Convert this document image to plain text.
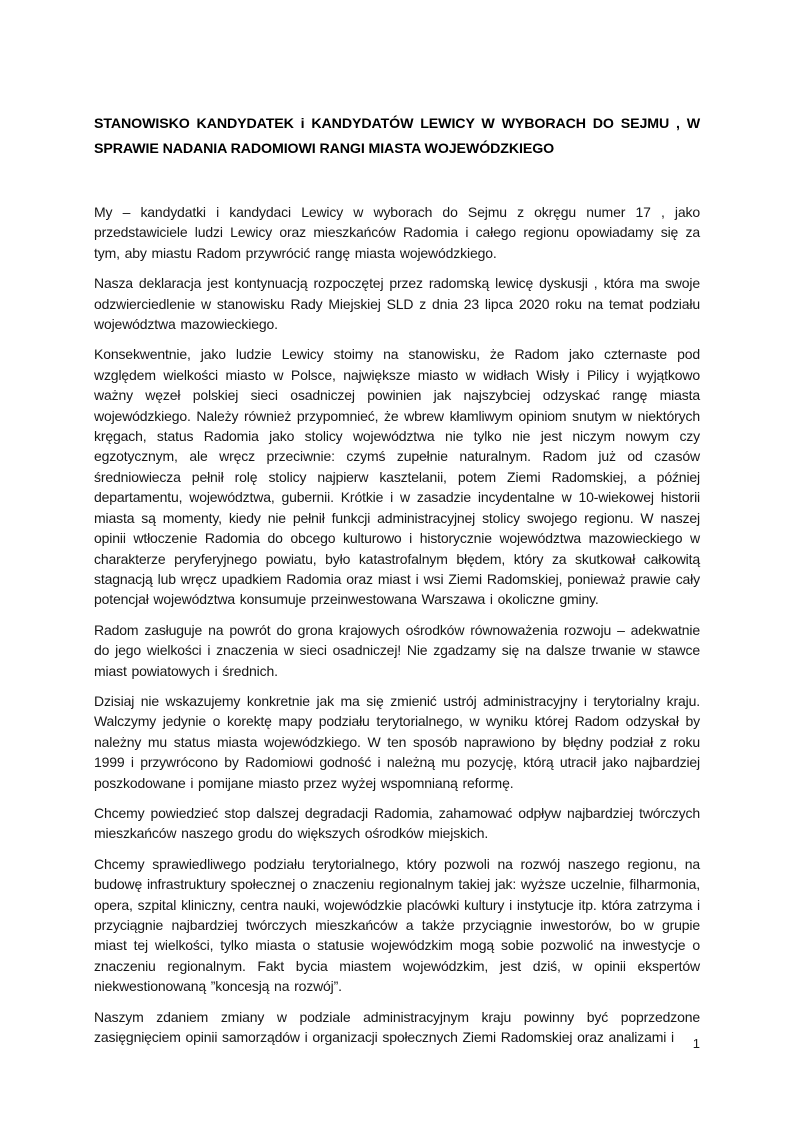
STANOWISKO KANDYDATEK i KANDYDATÓW LEWICY W WYBORACH DO SEJMU , W SPRAWIE NADANIA RADOMIOWI RANGI MIASTA WOJEWÓDZKIEGO

My – kandydatki i kandydaci Lewicy w wyborach do Sejmu z okręgu numer 17 , jako przedstawiciele ludzi Lewicy oraz mieszkańców Radomia i całego regionu opowiadamy się za tym, aby miastu Radom przywrócić rangę miasta wojewódzkiego.

Nasza deklaracja jest kontynuacją rozpoczętej przez radomską lewicę dyskusji , która ma swoje odzwierciedlenie w stanowisku Rady Miejskiej SLD z dnia 23 lipca 2020 roku na temat podziału województwa mazowieckiego.

Konsekwentnie, jako ludzie Lewicy stoimy na stanowisku, że Radom jako czternaste pod względem wielkości miasto w Polsce, największe miasto w widłach Wisły i Pilicy i wyjątkowo ważny węzeł polskiej sieci osadniczej powinien jak najszybciej odzyskać rangę miasta wojewódzkiego. Należy również przypomnieć, że wbrew kłamliwym opiniom snutym w niektórych kręgach, status Radomia jako stolicy województwa nie tylko nie jest niczym nowym czy egzotycznym, ale wręcz przeciwnie: czymś zupełnie naturalnym. Radom już od czasów średniowiecza pełnił rolę stolicy najpierw kasztelanii, potem Ziemi Radomskiej, a później departamentu, województwa, gubernii. Krótkie i w zasadzie incydentalne w 10-wiekowej historii miasta są momenty, kiedy nie pełnił funkcji administracyjnej stolicy swojego regionu. W naszej opinii wtłoczenie Radomia do obcego kulturowo i historycznie województwa mazowieckiego w charakterze peryferyjnego powiatu, było katastrofalnym błędem, który za skutkował całkowitą stagnacją lub wręcz upadkiem Radomia oraz miast i wsi Ziemi Radomskiej, ponieważ prawie cały potencjał województwa konsumuje przeinwestowana Warszawa i okoliczne gminy.

Radom zasługuje na powrót do grona krajowych ośrodków równoważenia rozwoju – adekwatnie do jego wielkości i znaczenia w sieci osadniczej! Nie zgadzamy się na dalsze trwanie w stawce miast powiatowych i średnich.

Dzisiaj nie wskazujemy konkretnie jak ma się zmienić ustrój administracyjny i terytorialny kraju. Walczymy jedynie o korektę mapy podziału terytorialnego, w wyniku której Radom odzyskał by należny mu status miasta wojewódzkiego. W ten sposób naprawiono by błędny podział z roku 1999 i przywrócono by Radomiowi godność i należną mu pozycję, którą utracił jako najbardziej poszkodowane i pomijane miasto przez wyżej wspomnianą reformę.

Chcemy powiedzieć stop dalszej degradacji Radomia, zahamować odpływ najbardziej twórczych mieszkańców naszego grodu do większych ośrodków miejskich.

Chcemy sprawiedliwego podziału terytorialnego, który pozwoli na rozwój naszego regionu, na budowę infrastruktury społecznej o znaczeniu regionalnym takiej jak: wyższe uczelnie, filharmonia, opera, szpital kliniczny, centra nauki, wojewódzkie placówki kultury i instytucje itp. która zatrzyma i przyciągnie najbardziej twórczych mieszkańców a także przyciągnie inwestorów, bo w grupie miast tej wielkości, tylko miasta o statusie wojewódzkim mogą sobie pozwolić na inwestycje o znaczeniu regionalnym. Fakt bycia miastem wojewódzkim, jest dziś, w opinii ekspertów niekwestionowaną ”koncesją na rozwój”.

Naszym zdaniem zmiany w podziale administracyjnym kraju powinny być poprzedzone zasięgnięciem opinii samorządów i organizacji społecznych Ziemi Radomskiej oraz analizami i	1
